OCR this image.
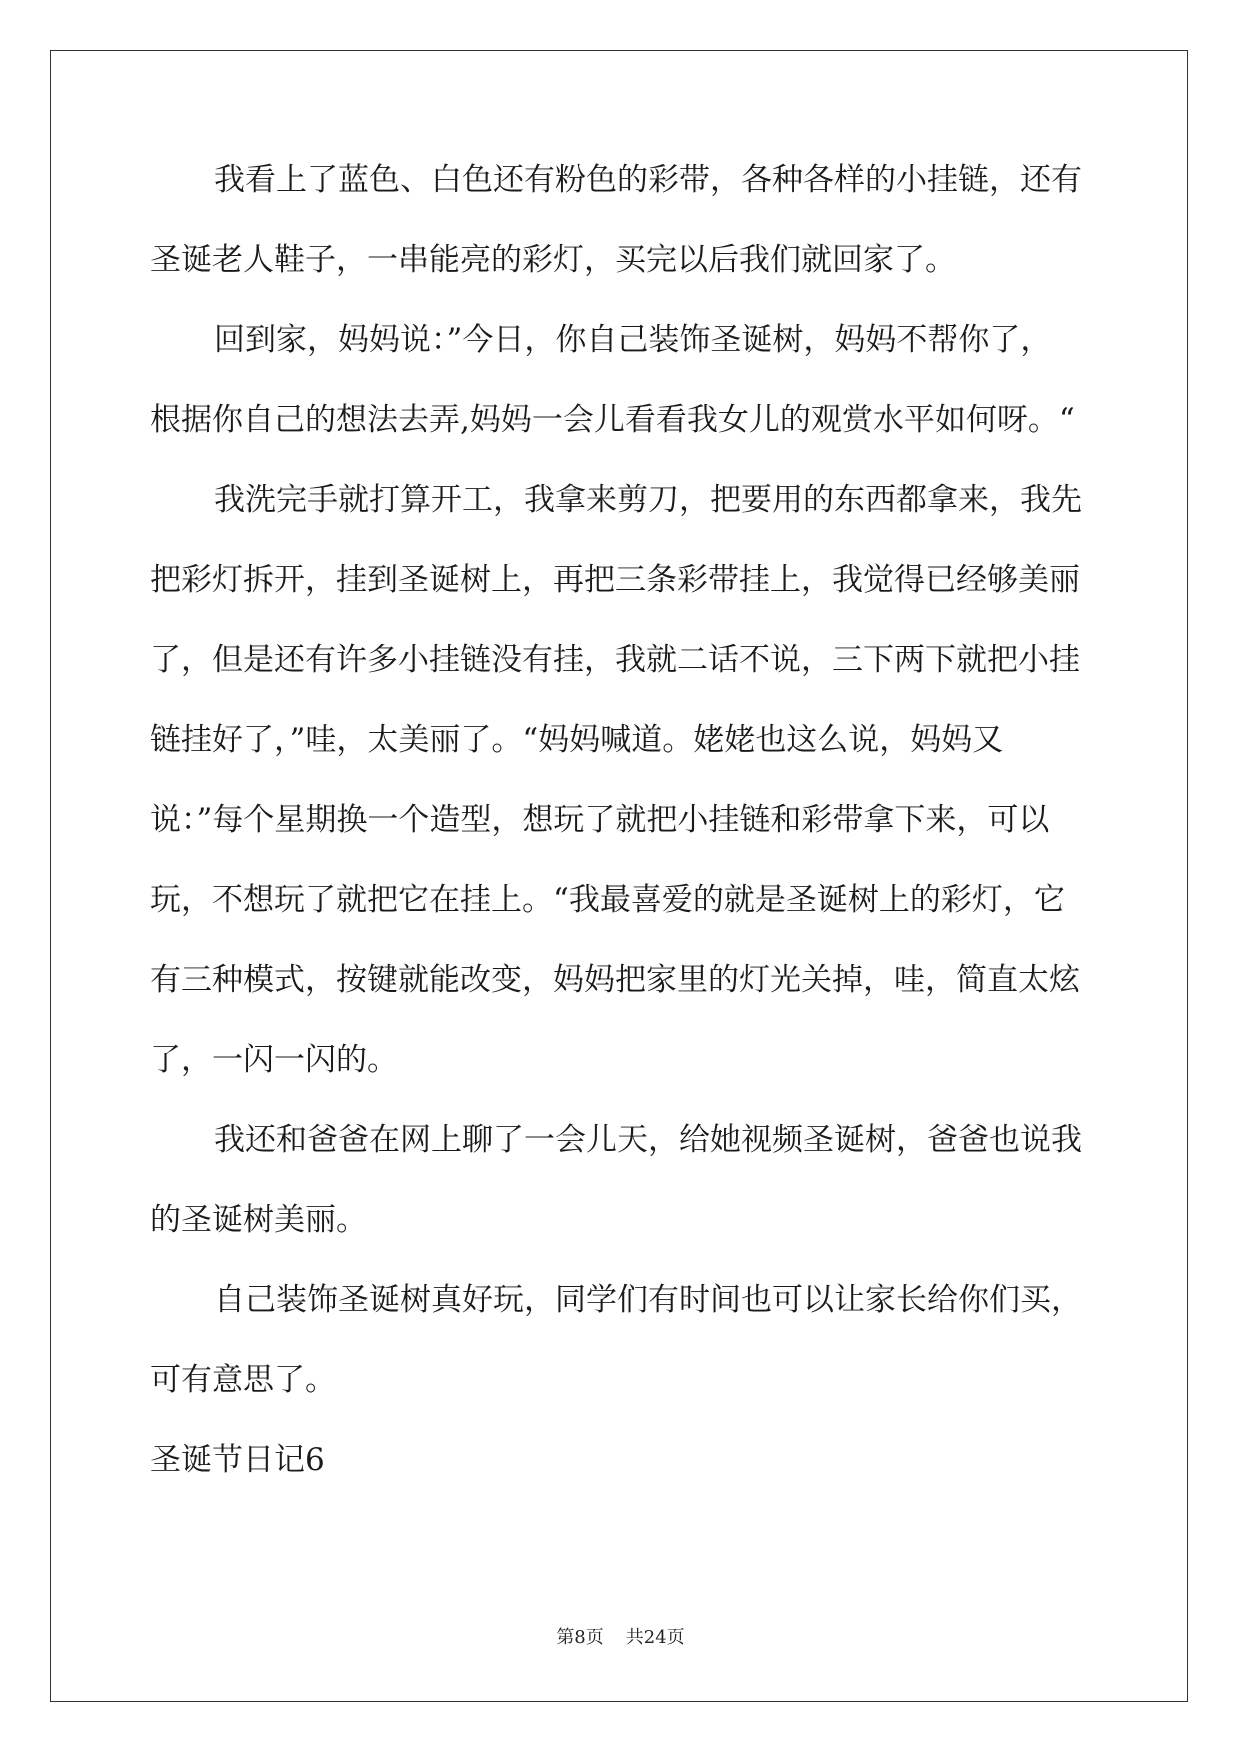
我看上了蓝色、白色还有粉色的彩带，各种各样的小挂链，还有

圣诞老人鞋子，一串能亮的彩灯，买完以后我们就回家了。

回到家，妈妈说：”今日，你自己装饰圣诞树，妈妈不帮你了，

根据你自己的想法去弄,妈妈一会儿看看我女儿的观赏水平如何呀。“

我洗完手就打算开工，我拿来剪刀，把要用的东西都拿来，我先

把彩灯拆开，挂到圣诞树上，再把三条彩带挂上，我觉得已经够美丽

了，但是还有许多小挂链没有挂，我就二话不说，三下两下就把小挂

链挂好了，”哇，太美丽了。“妈妈喊道。姥姥也这么说，妈妈又

说：”每个星期换一个造型，想玩了就把小挂链和彩带拿下来，可以

玩，不想玩了就把它在挂上。“我最喜爱的就是圣诞树上的彩灯，它

有三种模式，按键就能改变，妈妈把家里的灯光关掉，哇，简直太炫

了，一闪一闪的。

我还和爸爸在网上聊了一会儿天，给她视频圣诞树，爸爸也说我

的圣诞树美丽。

自己装饰圣诞树真好玩，同学们有时间也可以让家长给你们买，

可有意思了。

圣诞节日记6

第8页 共24页
